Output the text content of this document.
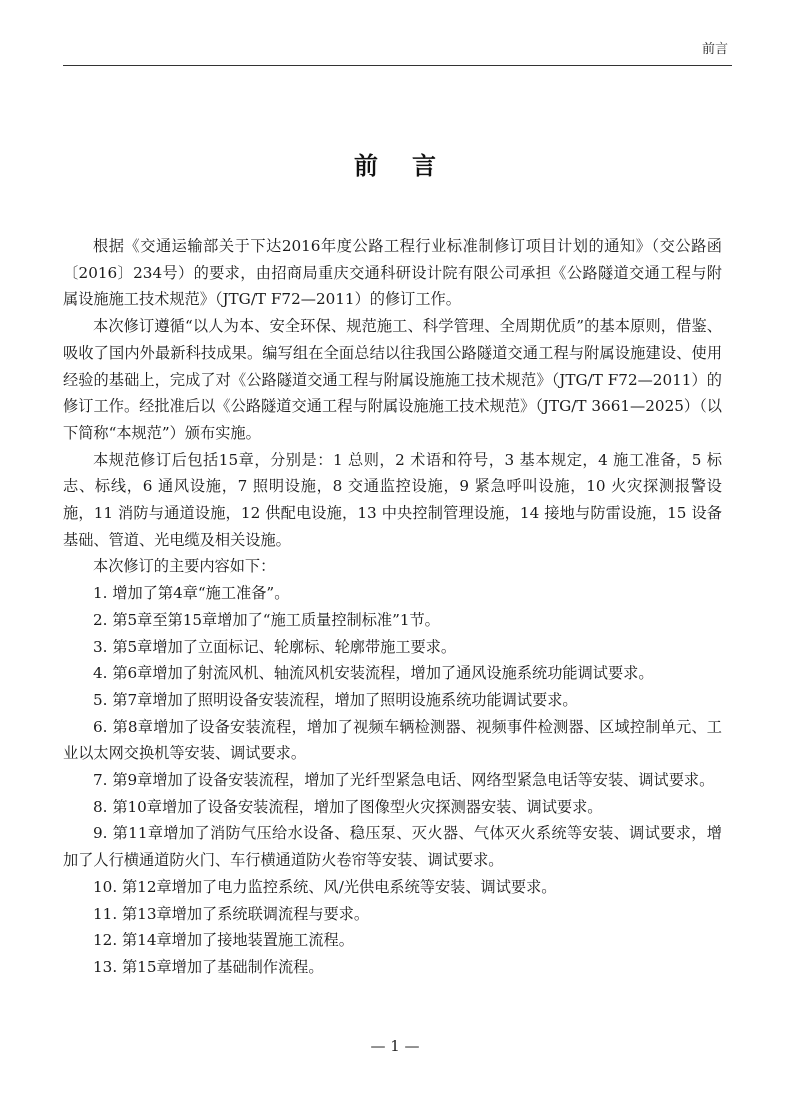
前言
前言

根据《交通运输部关于下达2016年度公路工程行业标准制修订项目计划的通知》（交公路函〔2016〕234号）的要求，由招商局重庆交通科研设计院有限公司承担《公路隧道交通工程与附属设施施工技术规范》（JTG/T F72—2011）的修订工作。

本次修订遵循“以人为本、安全环保、规范施工、科学管理、全周期优质”的基本原则，借鉴、吸收了国内外最新科技成果。编写组在全面总结以往我国公路隧道交通工程与附属设施建设、使用经验的基础上，完成了对《公路隧道交通工程与附属设施施工技术规范》（JTG/T F72—2011）的修订工作。经批准后以《公路隧道交通工程与附属设施施工技术规范》（JTG/T 3661—2025）（以下简称“本规范”）颁布实施。

本规范修订后包括15章，分别是：1 总则，2 术语和符号，3 基本规定，4 施工准备，5 标志、标线，6 通风设施，7 照明设施，8 交通监控设施，9 紧急呼叫设施，10 火灾探测报警设施，11 消防与通道设施，12 供配电设施，13 中央控制管理设施，14 接地与防雷设施，15 设备基础、管道、光电缆及相关设施。

本次修订的主要内容如下：

1. 增加了第4章“施工准备”。

2. 第5章至第15章增加了“施工质量控制标准”1节。

3. 第5章增加了立面标记、轮廓标、轮廓带施工要求。

4. 第6章增加了射流风机、轴流风机安装流程，增加了通风设施系统功能调试要求。

5. 第7章增加了照明设备安装流程，增加了照明设施系统功能调试要求。

6. 第8章增加了设备安装流程，增加了视频车辆检测器、视频事件检测器、区域控制单元、工业以太网交换机等安装、调试要求。

7. 第9章增加了设备安装流程，增加了光纤型紧急电话、网络型紧急电话等安装、调试要求。

8. 第10章增加了设备安装流程，增加了图像型火灾探测器安装、调试要求。

9. 第11章增加了消防气压给水设备、稳压泵、灭火器、气体灭火系统等安装、调试要求，增加了人行横通道防火门、车行横通道防火卷帘等安装、调试要求。

10. 第12章增加了电力监控系统、风/光供电系统等安装、调试要求。

11. 第13章增加了系统联调流程与要求。

12. 第14章增加了接地装置施工流程。

13. 第15章增加了基础制作流程。

— 1 —
